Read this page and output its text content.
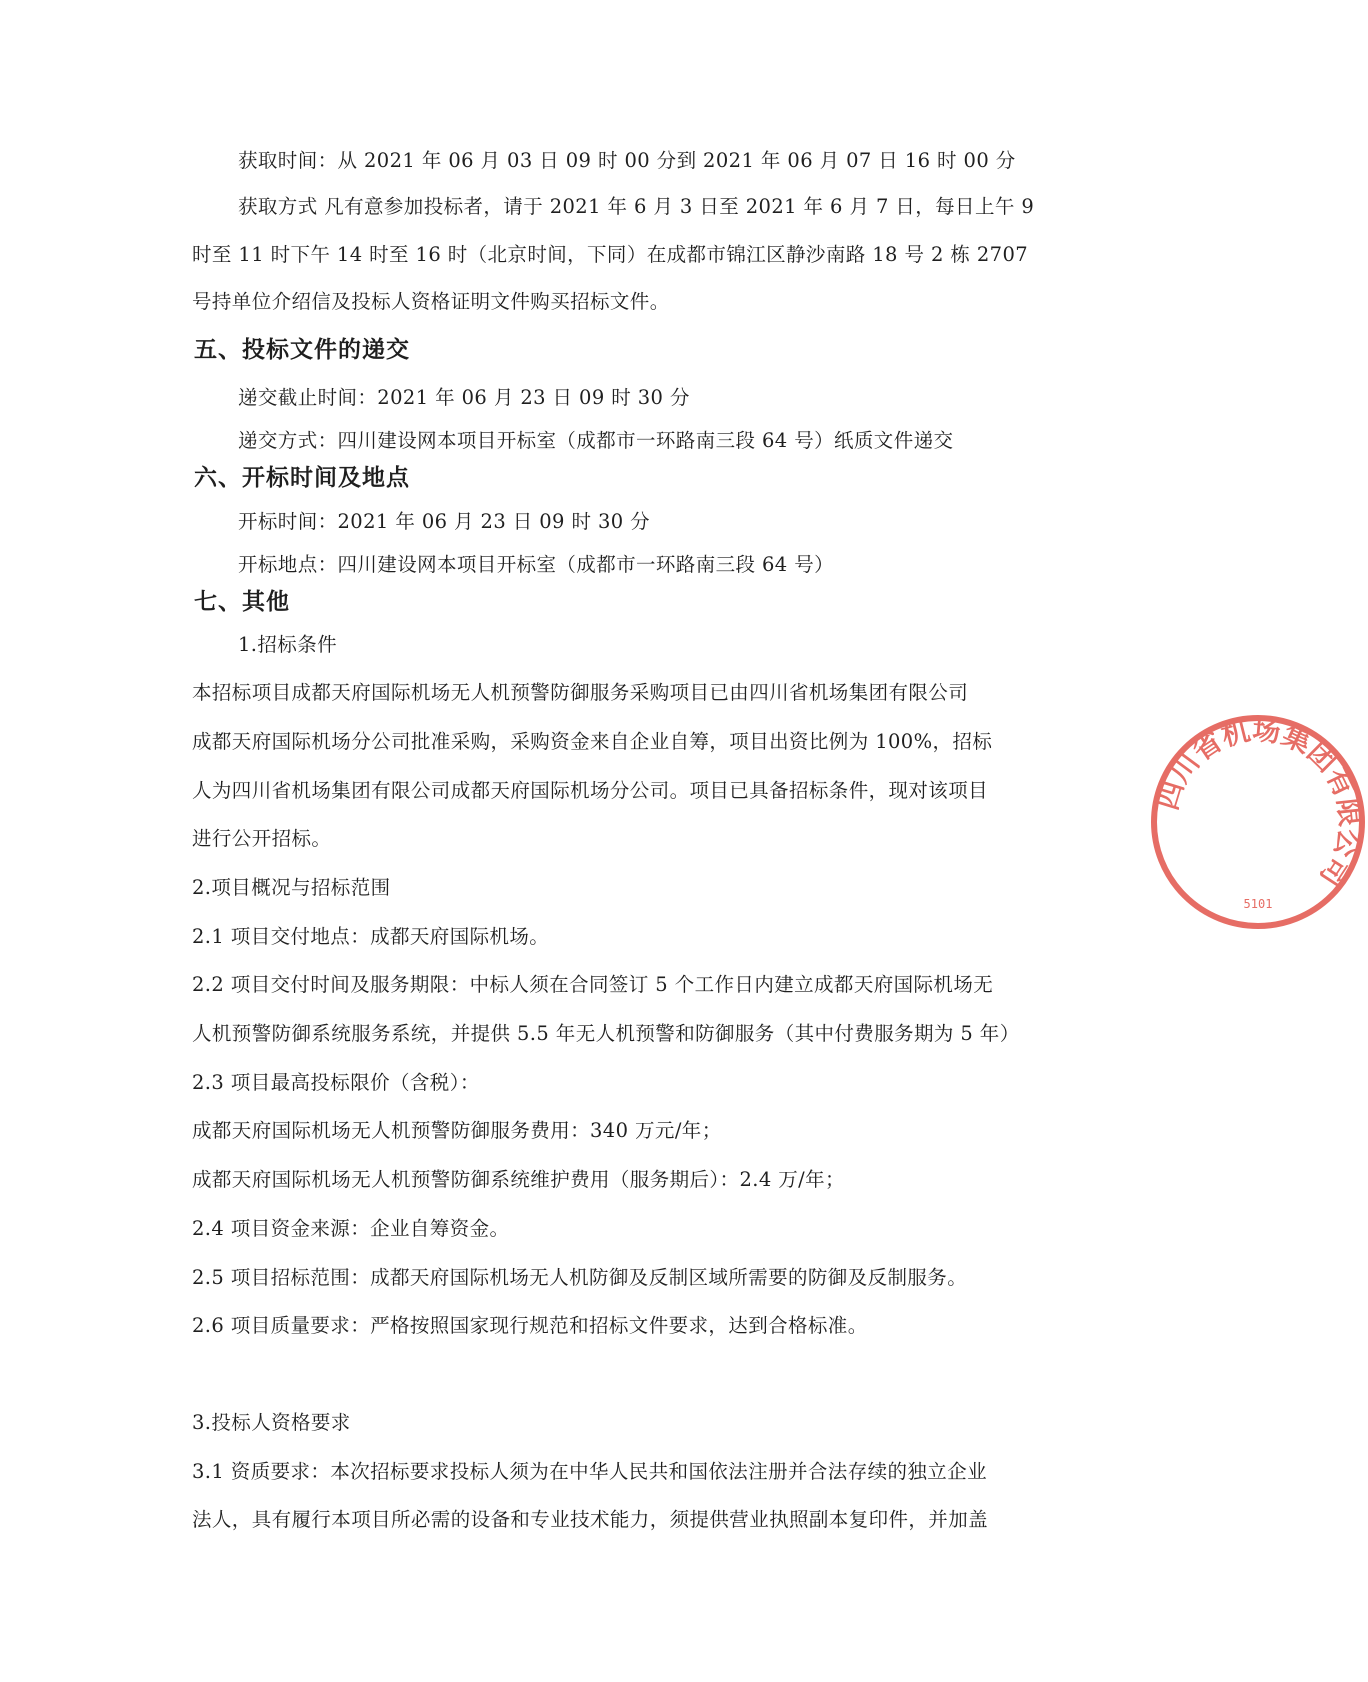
获取时间：从 2021 年 06 月 03 日 09 时 00 分到 2021 年 06 月 07 日 16 时 00 分
获取方式 凡有意参加投标者，请于 2021 年 6 月 3 日至 2021 年 6 月 7 日，每日上午 9
时至 11 时下午 14 时至 16 时（北京时间，下同）在成都市锦江区静沙南路 18 号 2 栋 2707
号持单位介绍信及投标人资格证明文件购买招标文件。
五、投标文件的递交
递交截止时间：2021 年 06 月 23 日 09 时 30 分
递交方式：四川建设网本项目开标室（成都市一环路南三段 64 号）纸质文件递交
六、开标时间及地点
开标时间：2021 年 06 月 23 日 09 时 30 分
开标地点：四川建设网本项目开标室（成都市一环路南三段 64 号）
七、其他
1.招标条件
本招标项目成都天府国际机场无人机预警防御服务采购项目已由四川省机场集团有限公司
成都天府国际机场分公司批准采购，采购资金来自企业自筹，项目出资比例为 100%，招标
人为四川省机场集团有限公司成都天府国际机场分公司。项目已具备招标条件，现对该项目
进行公开招标。
2.项目概况与招标范围
2.1 项目交付地点：成都天府国际机场。
2.2 项目交付时间及服务期限：中标人须在合同签订 5 个工作日内建立成都天府国际机场无
人机预警防御系统服务系统，并提供 5.5 年无人机预警和防御服务（其中付费服务期为 5 年）
2.3 项目最高投标限价（含税）：
成都天府国际机场无人机预警防御服务费用：340 万元/年；
成都天府国际机场无人机预警防御系统维护费用（服务期后）：2.4 万/年；
2.4 项目资金来源：企业自筹资金。
2.5 项目招标范围：成都天府国际机场无人机防御及反制区域所需要的防御及反制服务。
2.6 项目质量要求：严格按照国家现行规范和招标文件要求，达到合格标准。
3.投标人资格要求
3.1 资质要求：本次招标要求投标人须为在中华人民共和国依法注册并合法存续的独立企业
法人，具有履行本项目所必需的设备和专业技术能力，须提供营业执照副本复印件，并加盖
四川省机场集团有限公司
5101
